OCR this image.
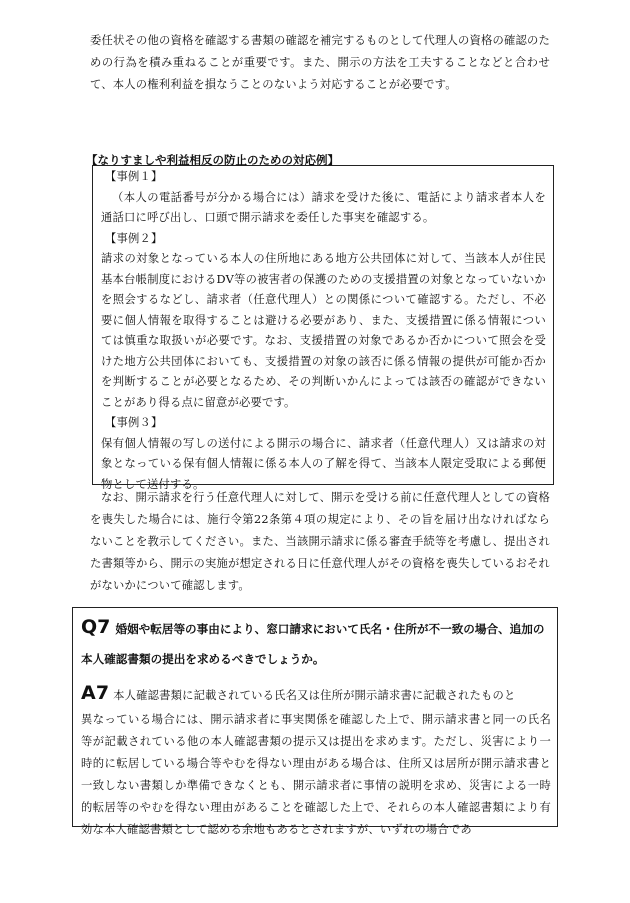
委任状その他の資格を確認する書類の確認を補完するものとして代理人の資格の確認のための行為を積み重ねることが重要です。また、開示の方法を工夫することなどと合わせて、本人の権利利益を損なうことのないよう対応することが必要です。

【なりすましや利益相反の防止のための対応例】

【事例１】
（本人の電話番号が分かる場合には）請求を受けた後に、電話により請求者本人を通話口に呼び出し、口頭で開示請求を委任した事実を確認する。
【事例２】
請求の対象となっている本人の住所地にある地方公共団体に対して、当該本人が住民基本台帳制度におけるDV等の被害者の保護のための支援措置の対象となっていないかを照会するなどし、請求者（任意代理人）との関係について確認する。ただし、不必要に個人情報を取得することは避ける必要があり、また、支援措置に係る情報については慎重な取扱いが必要です。なお、支援措置の対象であるか否かについて照会を受けた地方公共団体においても、支援措置の対象の該否に係る情報の提供が可能か否かを判断することが必要となるため、その判断いかんによっては該否の確認ができないことがあり得る点に留意が必要です。
【事例３】
保有個人情報の写しの送付による開示の場合に、請求者（任意代理人）又は請求の対象となっている保有個人情報に係る本人の了解を得て、当該本人限定受取による郵便物として送付する。

なお、開示請求を行う任意代理人に対して、開示を受ける前に任意代理人としての資格を喪失した場合には、施行令第22条第４項の規定により、その旨を届け出なければならないことを教示してください。また、当該開示請求に係る審査手続等を考慮し、提出された書類等から、開示の実施が想定される日に任意代理人がその資格を喪失しているおそれがないかについて確認します。

Q7 婚姻や転居等の事由により、窓口請求において氏名・住所が不一致の場合、追加の本人確認書類の提出を求めるべきでしょうか。
A7 本人確認書類に記載されている氏名又は住所が開示請求書に記載されたものと
異なっている場合には、開示請求者に事実関係を確認した上で、開示請求書と同一の氏名等が記載されている他の本人確認書類の提示又は提出を求めます。ただし、災害により一時的に転居している場合等やむを得ない理由がある場合は、住所又は居所が開示請求書と一致しない書類しか準備できなくとも、開示請求者に事情の説明を求め、災害による一時的転居等のやむを得ない理由があることを確認した上で、それらの本人確認書類により有効な本人確認書類として認める余地もあるとされますが、いずれの場合であ
